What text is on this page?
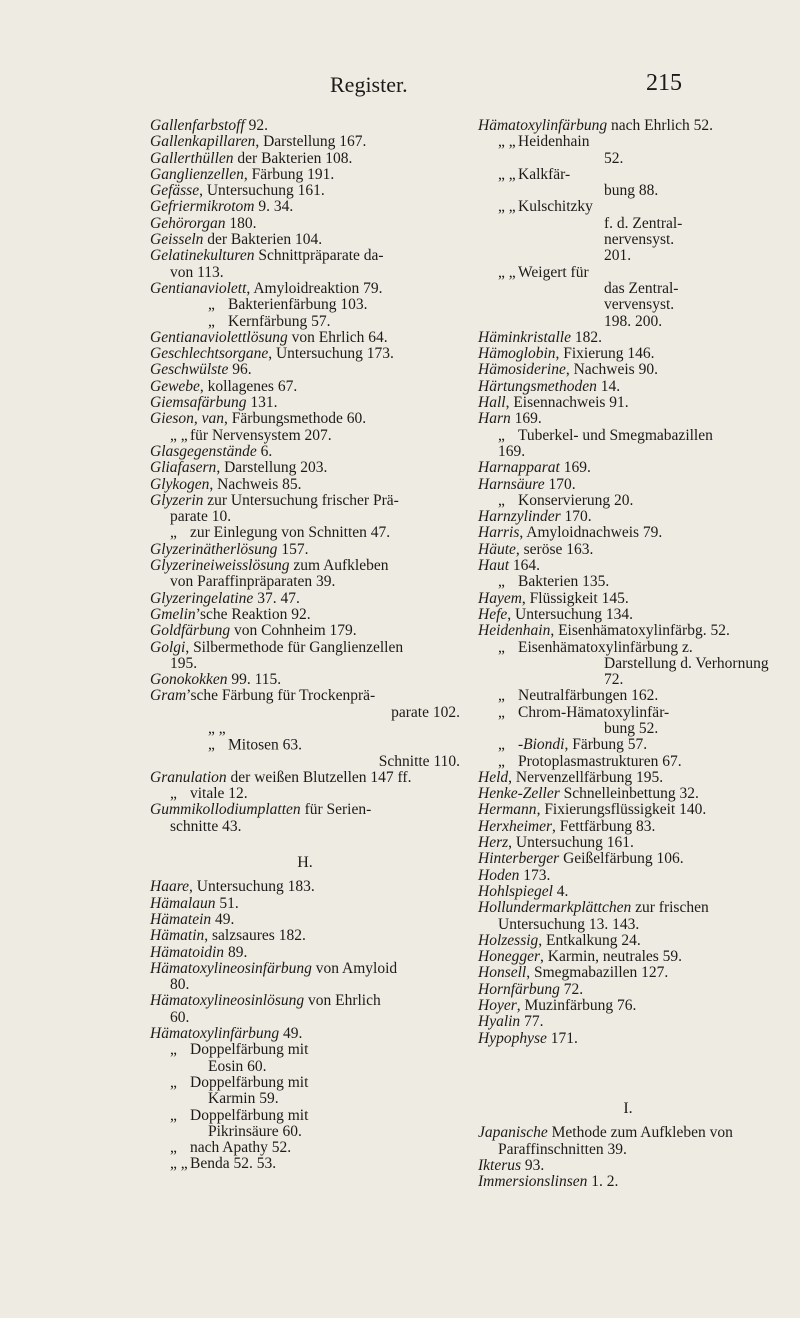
Register.	215
Gallenfarbstoff 92.
Gallenkapillaren, Darstellung 167.
Gallerthüllen der Bakterien 108.
Ganglienzellen, Färbung 191.
Gefässe, Untersuchung 161.
Gefriermikrotom 9. 34.
Gehörorgan 180.
Geisseln der Bakterien 104.
Gelatinekulturen Schnittpräparate da-
von 113.
Gentianaviolett, Amyloidreaktion 79.
„Bakterienfärbung 103.
„Kernfärbung 57.
Gentianaviolettlösung von Ehrlich 64.
Geschlechtsorgane, Untersuchung 173.
Geschwülste 96.
Gewebe, kollagenes 67.
Giemsafärbung 131.
Gieson, van, Färbungsmethode 60.
„ „für Nervensystem 207.
Glasgegenstände 6.
Gliafasern, Darstellung 203.
Glykogen, Nachweis 85.
Glyzerin zur Untersuchung frischer Prä-
parate 10.
„zur Einlegung von Schnitten 47.
Glyzerinätherlösung 157.
Glyzerineiweisslösung zum Aufkleben
von Paraffinpräparaten 39.
Glyzeringelatine 37. 47.
Gmelin’sche Reaktion 92.
Goldfärbung von Cohnheim 179.
Golgi, Silbermethode für Ganglienzellen
195.
Gonokokken 99. 115.
Gram’sche Färbung für Trockenprä-
parate 102.
„ „ „Mitosen 63.
Schnitte 110.
Granulation der weißen Blutzellen 147 ff.
„vitale 12.
Gummikollodiumplatten für Serien-
schnitte 43.
H.
Haare, Untersuchung 183.
Hämalaun 51.
Hämatein 49.
Hämatin, salzsaures 182.
Hämatoidin 89.
Hämatoxylineosinfärbung von Amyloid
80.
Hämatoxylineosinlösung von Ehrlich
60.
Hämatoxylinfärbung 49.
„Doppelfärbung mit
Eosin 60.
„Doppelfärbung mit
Karmin 59.
„Doppelfärbung mit
Pikrinsäure 60.
„nach Apathy 52.
„ „Benda 52. 53.
Hämatoxylinfärbung nach Ehrlich 52.
„ „Heidenhain
52.
„ „Kalkfär-
bung 88.
„ „Kulschitzky
f. d. Zentral-
nervensyst.
201.
„ „Weigert für
das Zentral-
vervensyst.
198. 200.
Häminkristalle 182.
Hämoglobin, Fixierung 146.
Hämosiderine, Nachweis 90.
Härtungsmethoden 14.
Hall, Eisennachweis 91.
Harn 169.
„Tuberkel- und Smegmabazillen
169.
Harnapparat 169.
Harnsäure 170.
„Konservierung 20.
Harnzylinder 170.
Harris, Amyloidnachweis 79.
Häute, seröse 163.
Haut 164.
„Bakterien 135.
Hayem, Flüssigkeit 145.
Hefe, Untersuchung 134.
Heidenhain, Eisenhämatoxylinfärbg. 52.
„Eisenhämatoxylinfärbung z.
Darstellung d. Verhornung
72.
„Neutralfärbungen 162.
„Chrom-Hämatoxylinfär-
bung 52.
„-Biondi, Färbung 57.
„Protoplasmastrukturen 67.
Held, Nervenzellfärbung 195.
Henke-Zeller Schnelleinbettung 32.
Hermann, Fixierungsflüssigkeit 140.
Herxheimer, Fettfärbung 83.
Herz, Untersuchung 161.
Hinterberger Geißelfärbung 106.
Hoden 173.
Hohlspiegel 4.
Hollundermarkplättchen zur frischen
Untersuchung 13. 143.
Holzessig, Entkalkung 24.
Honegger, Karmin, neutrales 59.
Honsell, Smegmabazillen 127.
Hornfärbung 72.
Hoyer, Muzinfärbung 76.
Hyalin 77.
Hypophyse 171.
I.
Japanische Methode zum Aufkleben von
Paraffinschnitten 39.
Ikterus 93.
Immersionslinsen 1. 2.
